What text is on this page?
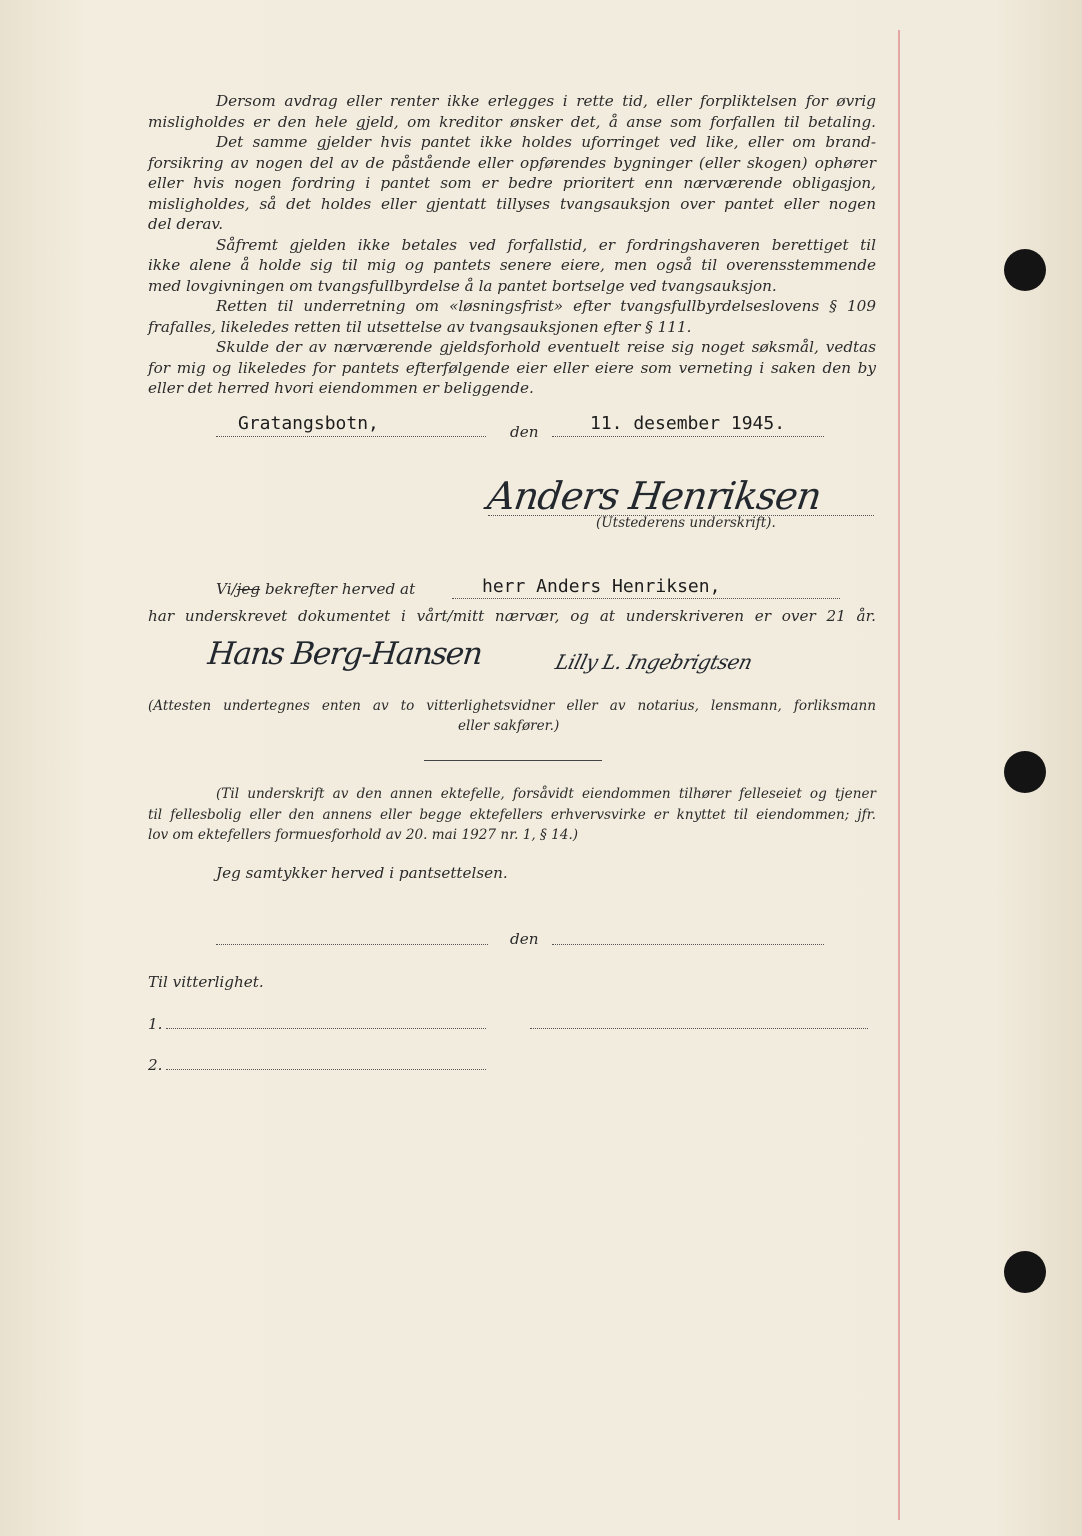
Dersom avdrag eller renter ikke erlegges i rette tid, eller forpliktelsen for øvrig

misligholdes er den hele gjeld, om kreditor ønsker det, å anse som forfallen til betaling.

Det samme gjelder hvis pantet ikke holdes uforringet ved like, eller om brand-

forsikring av nogen del av de påstående eller opførendes bygninger (eller skogen) ophører

eller hvis nogen fordring i pantet som er bedre prioritert enn nærværende obligasjon,

misligholdes, så det holdes eller gjentatt tillyses tvangsauksjon over pantet eller nogen

del derav.

Såfremt gjelden ikke betales ved forfallstid, er fordringshaveren berettiget til

ikke alene å holde sig til mig og pantets senere eiere, men også til overensstemmende

med lovgivningen om tvangsfullbyrdelse å la pantet bortselge ved tvangsauksjon.

Retten til underretning om «løsningsfrist» efter tvangsfullbyrdelseslovens § 109

frafalles, likeledes retten til utsettelse av tvangsauksjonen efter § 111.

Skulde der av nærværende gjeldsforhold eventuelt reise sig noget søksmål, vedtas

for mig og likeledes for pantets efterfølgende eier eller eiere som verneting i saken den by

eller det herred hvori eiendommen er beliggende.

Gratangsbotn,	den	11. desember 1945.
Anders Henriksen
(Utstederens underskrift).
Vi/jeg bekrefter herved at	herr Anders Henriksen,

har underskrevet dokumentet i vårt/mitt nærvær, og at underskriveren er over 21 år.

Hans Berg-Hansen	Lilly L. Ingebrigtsen

(Attesten undertegnes enten av to vitterlighetsvidner eller av notarius, lensmann, forliksmann

eller sakfører.)

(Til underskrift av den annen ektefelle, forsåvidt eiendommen tilhører felleseiet og tjener

til fellesbolig eller den annens eller begge ektefellers erhvervsvirke er knyttet til eiendommen; jfr.

lov om ektefellers formuesforhold av 20. mai 1927 nr. 1, § 14.)

Jeg samtykker herved i pantsettelsen.
den
Til vitterlighet.
1.
2.
